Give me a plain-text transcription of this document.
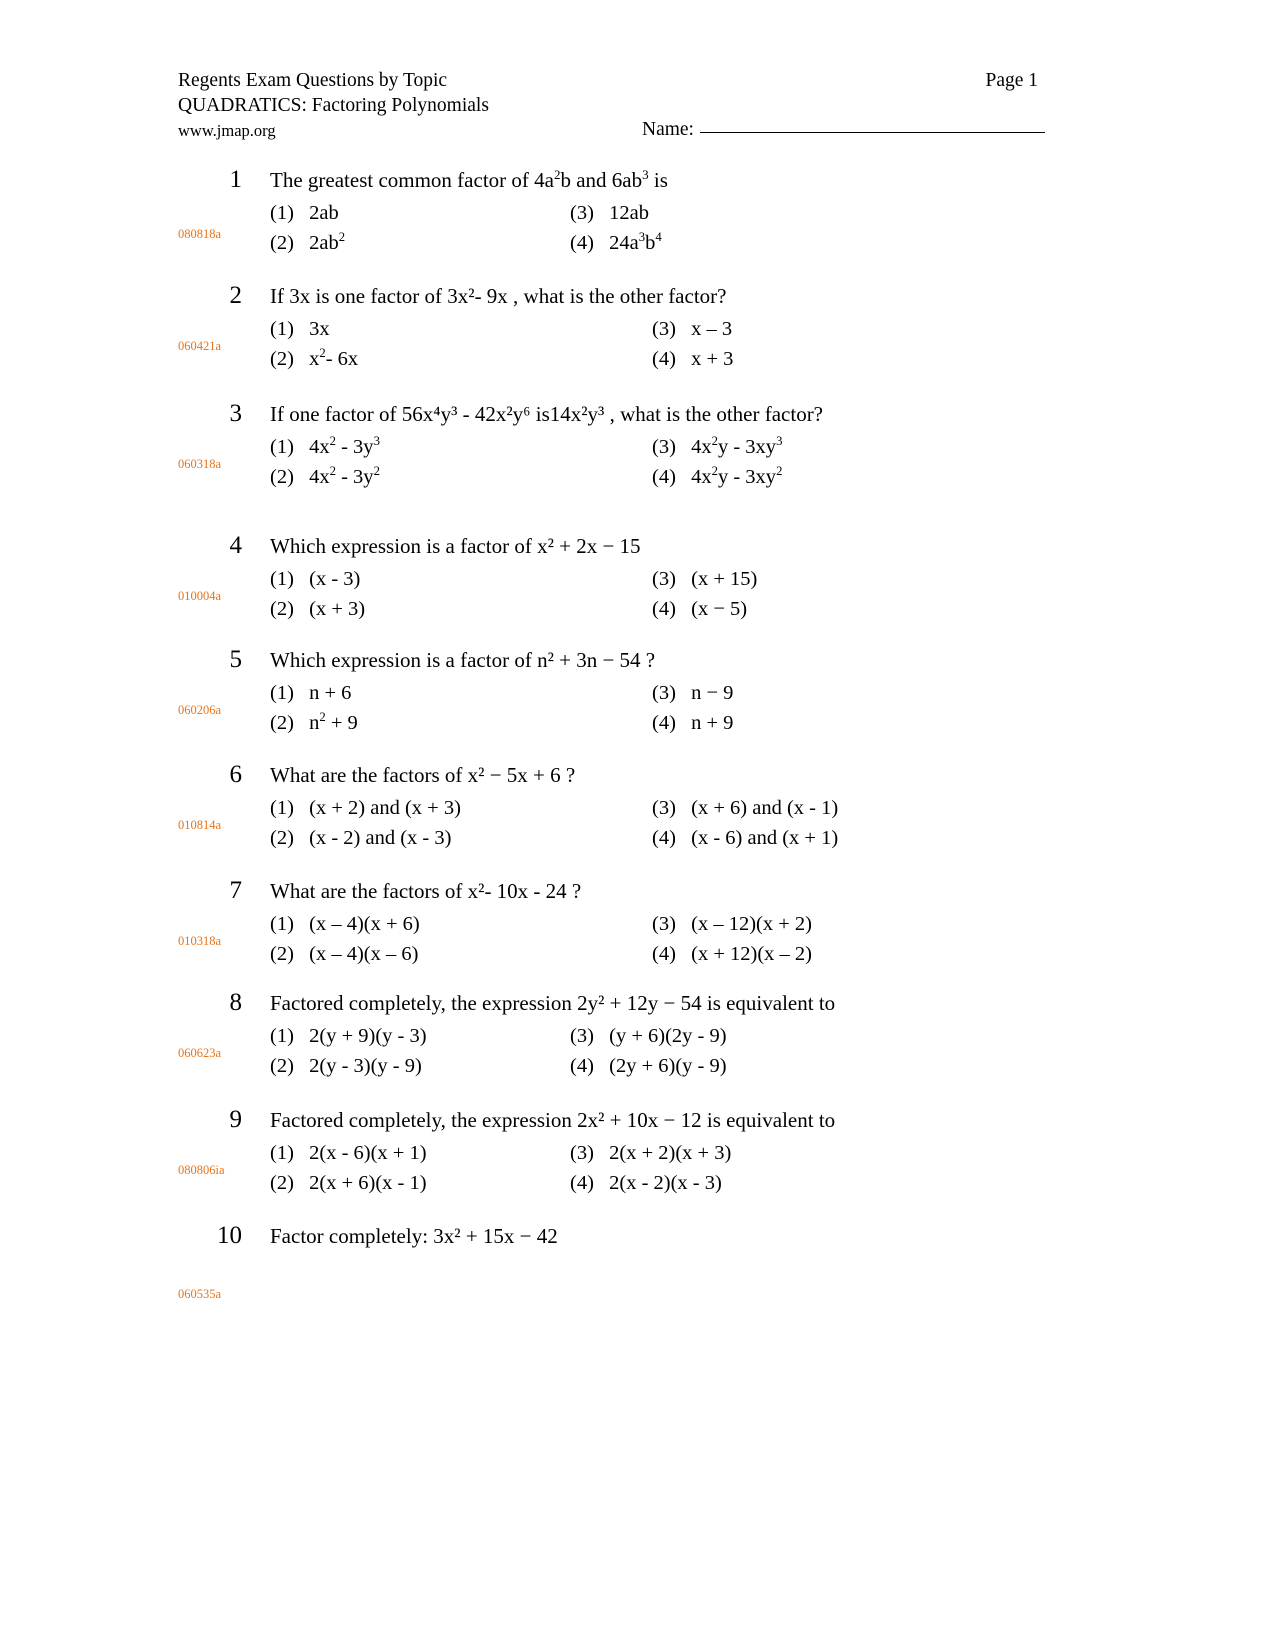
Regents Exam Questions by Topic	Page 1
QUADRATICS: Factoring Polynomials
www.jmap.org	Name:
1
080818a
The greatest common factor of $4a^2b$ and $6ab^3$ is
(1) 2ab	(3) 12ab
(2) $2ab^2$	(4) $24a^3b^4$
2
060421a
If 3x is one factor of 3x²- 9x , what is the other factor?
(1) 3x	(3) x – 3
(2) $x^2-$ 6x	(4) x + 3
3
060318a
If one factor of 56x⁴y³ - 42x²y⁶ is14x²y³ , what is the other factor?
(1) $4x^2 - 3y^3$	(3) $4x^2y - 3xy^3$
(2) $4x^2 - 3y^2$	(4) $4x^2y - 3xy^2$
4
010004a
Which expression is a factor of x² + 2x − 15
(1) (x - 3)	(3) (x + 15)
(2) (x + 3)	(4) (x − 5)
5
060206a
Which expression is a factor of n² + 3n − 54 ?
(1) n + 6	(3) n − 9
(2) $n^2 + 9$	(4) n + 9
6
010814a
What are the factors of x² − 5x + 6 ?
(1) (x + 2) and (x + 3)	(3) (x + 6) and (x - 1)
(2) (x - 2) and (x - 3)	(4) (x - 6) and (x + 1)
7
010318a
What are the factors of x²- 10x - 24 ?
(1) (x – 4)(x + 6)	(3) (x – 12)(x + 2)
(2) (x – 4)(x – 6)	(4) (x + 12)(x – 2)
8
060623a
Factored completely, the expression 2y² + 12y − 54 is equivalent to
(1) 2(y + 9)(y - 3)	(3) (y + 6)(2y - 9)
(2) 2(y - 3)(y - 9)	(4) (2y + 6)(y - 9)
9
080806ia
Factored completely, the expression 2x² + 10x − 12 is equivalent to
(1) 2(x - 6)(x + 1)	(3) 2(x + 2)(x + 3)
(2) 2(x + 6)(x - 1)	(4) 2(x - 2)(x - 3)
10
060535a
Factor completely: 3x² + 15x − 42
